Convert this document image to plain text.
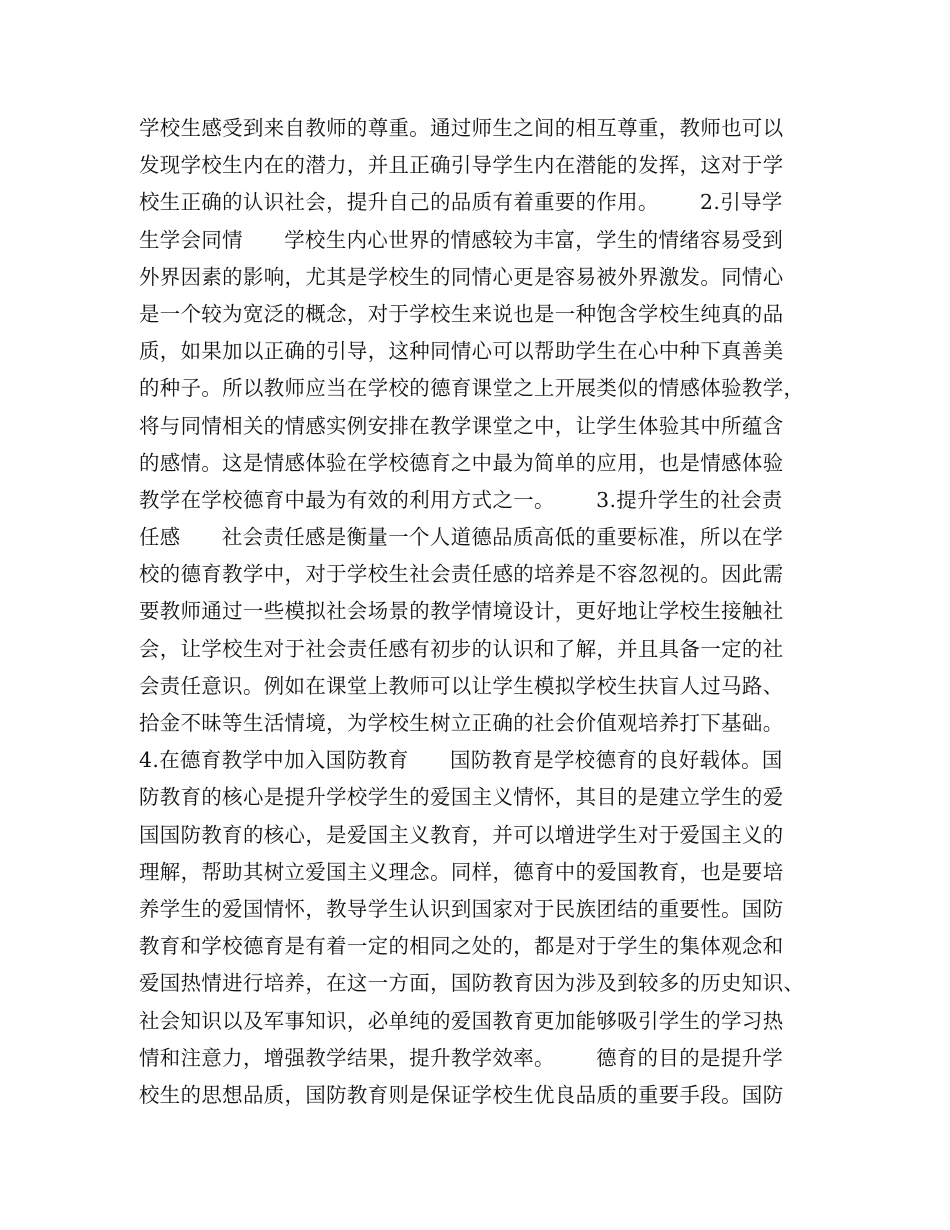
学校生感受到来自教师的尊重。通过师生之间的相互尊重，教师也可以
发现学校生内在的潜力，并且正确引导学生内在潜能的发挥，这对于学
校生正确的认识社会，提升自己的品质有着重要的作用。      2.引导学
生学会同情      学校生内心世界的情感较为丰富，学生的情绪容易受到
外界因素的影响，尤其是学校生的同情心更是容易被外界激发。同情心
是一个较为宽泛的概念，对于学校生来说也是一种饱含学校生纯真的品
质，如果加以正确的引导，这种同情心可以帮助学生在心中种下真善美
的种子。所以教师应当在学校的德育课堂之上开展类似的情感体验教学，
将与同情相关的情感实例安排在教学课堂之中，让学生体验其中所蕴含
的感情。这是情感体验在学校德育之中最为简单的应用，也是情感体验
教学在学校德育中最为有效的利用方式之一。      3.提升学生的社会责
任感      社会责任感是衡量一个人道德品质高低的重要标准，所以在学
校的德育教学中，对于学校生社会责任感的培养是不容忽视的。因此需
要教师通过一些模拟社会场景的教学情境设计，更好地让学校生接触社
会，让学校生对于社会责任感有初步的认识和了解，并且具备一定的社
会责任意识。例如在课堂上教师可以让学生模拟学校生扶盲人过马路、
拾金不昧等生活情境，为学校生树立正确的社会价值观培养打下基础。
4.在德育教学中加入国防教育      国防教育是学校德育的良好载体。国
防教育的核心是提升学校学生的爱国主义情怀，其目的是建立学生的爱
国国防教育的核心，是爱国主义教育，并可以增进学生对于爱国主义的
理解，帮助其树立爱国主义理念。同样，德育中的爱国教育，也是要培
养学生的爱国情怀，教导学生认识到国家对于民族团结的重要性。国防
教育和学校德育是有着一定的相同之处的，都是对于学生的集体观念和
爱国热情进行培养，在这一方面，国防教育因为涉及到较多的历史知识、
社会知识以及军事知识，必单纯的爱国教育更加能够吸引学生的学习热
情和注意力，增强教学结果，提升教学效率。      德育的目的是提升学
校生的思想品质，国防教育则是保证学校生优良品质的重要手段。国防
